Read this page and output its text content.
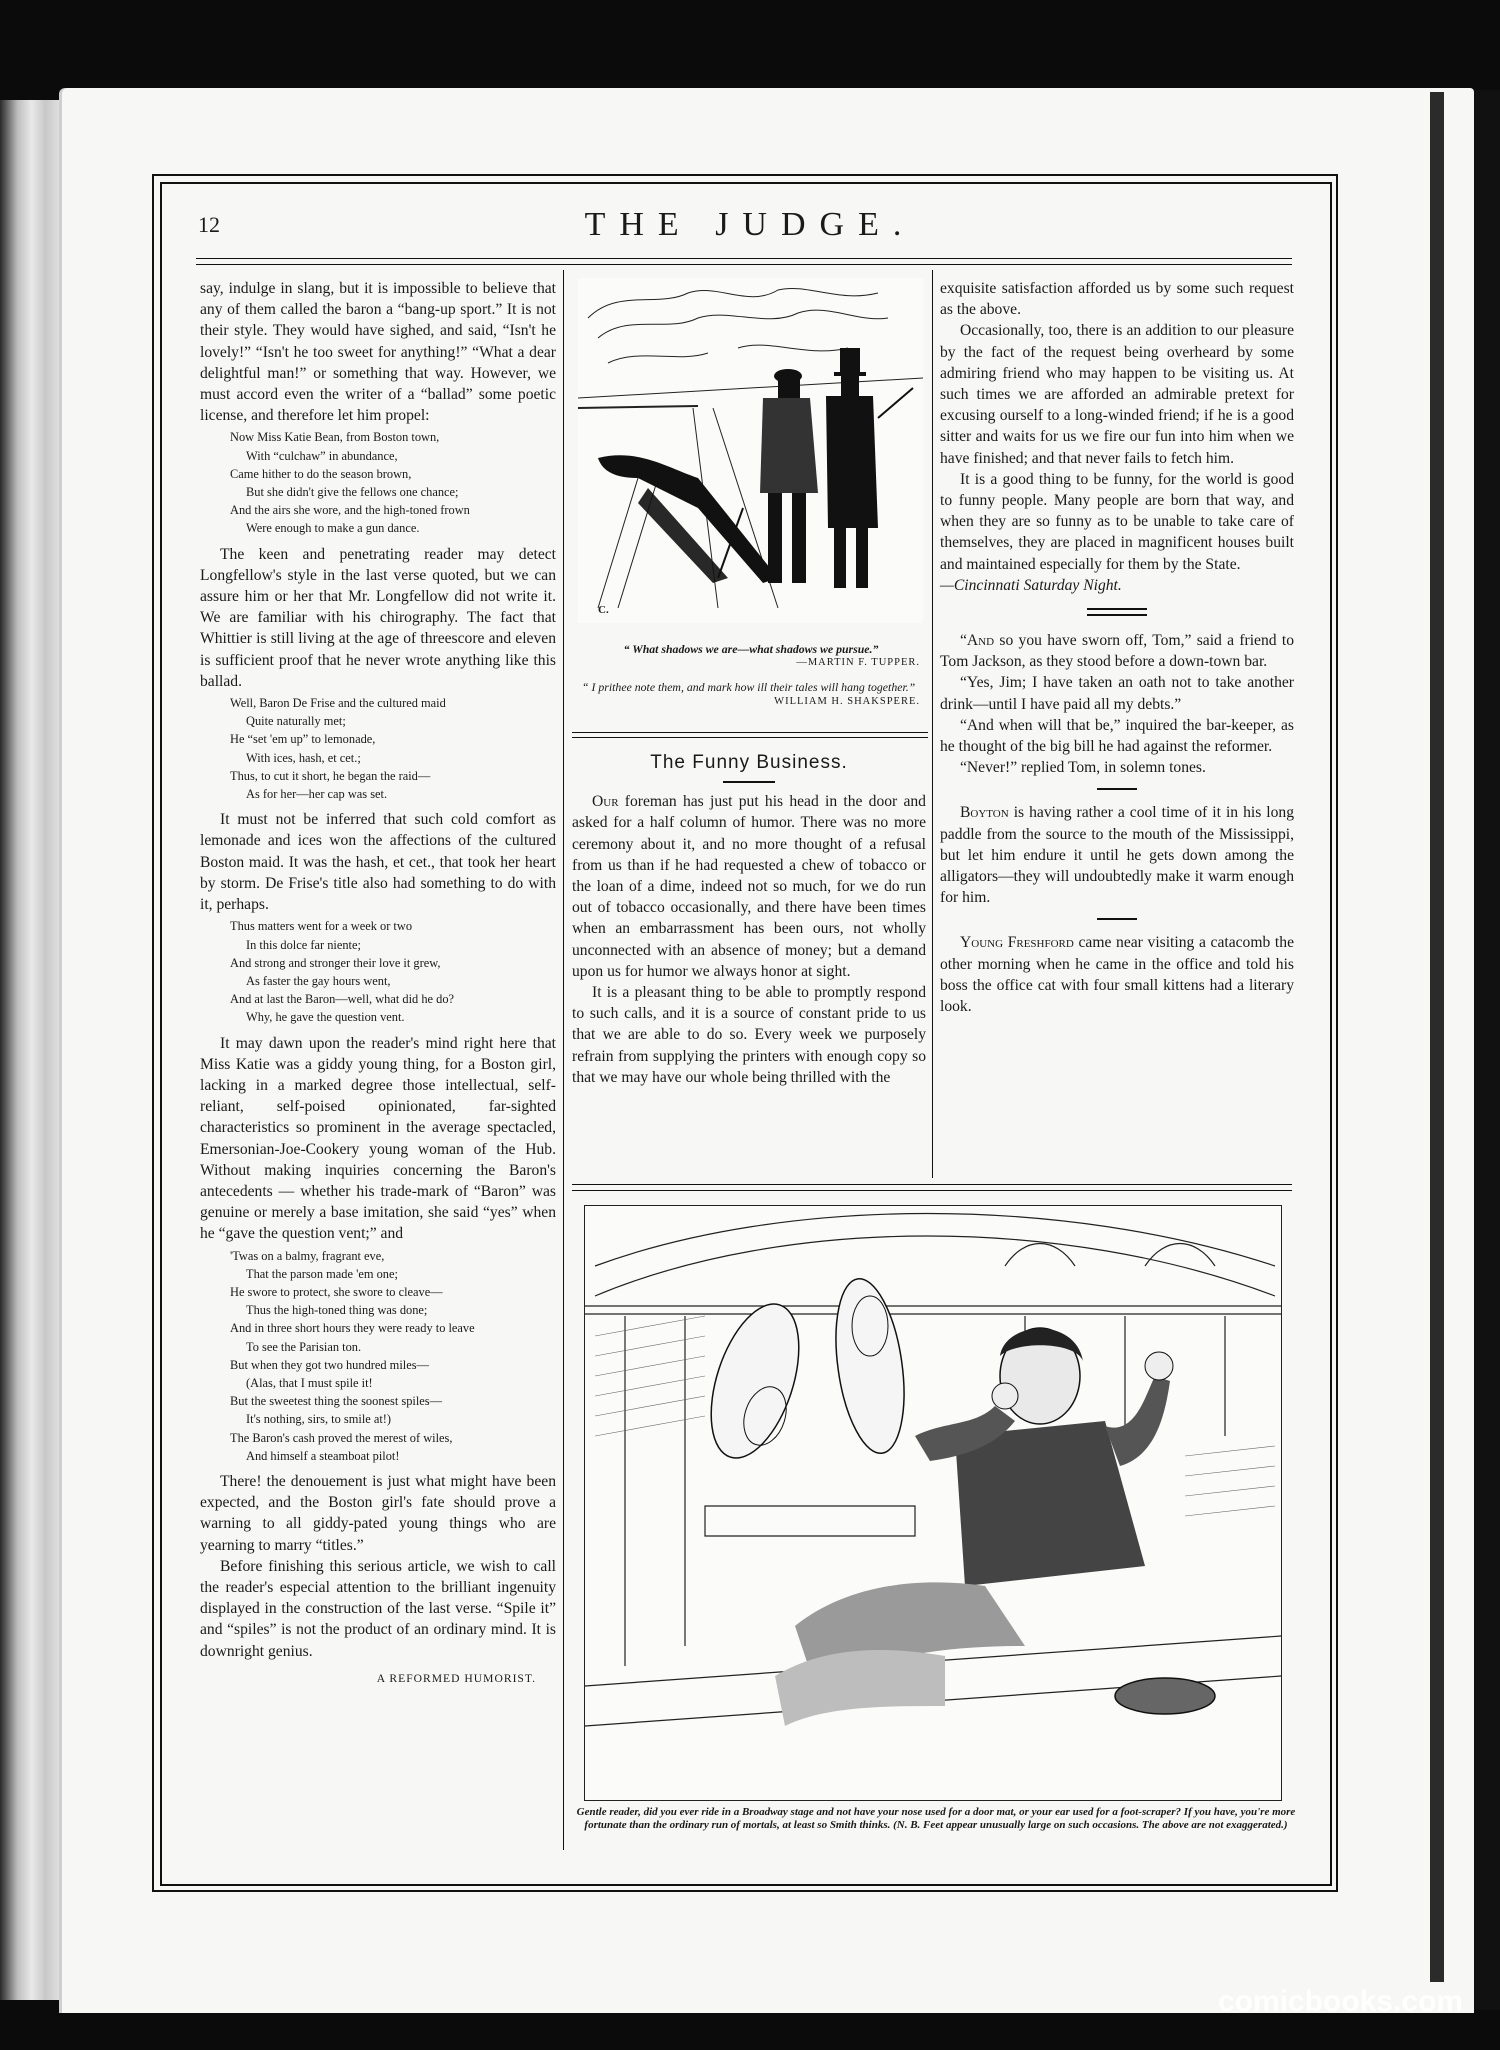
12	THE JUDGE.

say, indulge in slang, but it is impossible to believe that any of them called the baron a “bang-up sport.” It is not their style. They would have sighed, and said, “Isn't he lovely!” “Isn't he too sweet for anything!” “What a dear delightful man!” or something that way. However, we must accord even the writer of a “ballad” some poetic license, and therefore let him propel:

Now Miss Katie Bean, from Boston town,
With “culchaw” in abundance,
Came hither to do the season brown,
But she didn't give the fellows one chance;
And the airs she wore, and the high-toned frown
Were enough to make a gun dance.

The keen and penetrating reader may detect Longfellow's style in the last verse quoted, but we can assure him or her that Mr. Longfellow did not write it. We are familiar with his chirography. The fact that Whittier is still living at the age of threescore and eleven is sufficient proof that he never wrote anything like this ballad.

Well, Baron De Frise and the cultured maid
Quite naturally met;
He “set 'em up” to lemonade,
With ices, hash, et cet.;
Thus, to cut it short, he began the raid—
As for her—her cap was set.

It must not be inferred that such cold comfort as lemonade and ices won the affections of the cultured Boston maid. It was the hash, et cet., that took her heart by storm. De Frise's title also had something to do with it, perhaps.

Thus matters went for a week or two
In this dolce far niente;
And strong and stronger their love it grew,
As faster the gay hours went,
And at last the Baron—well, what did he do?
Why, he gave the question vent.

It may dawn upon the reader's mind right here that Miss Katie was a giddy young thing, for a Boston girl, lacking in a marked degree those intellectual, self-reliant, self-poised opinionated, far-sighted characteristics so prominent in the average spectacled, Emersonian-Joe-Cookery young woman of the Hub. Without making inquiries concerning the Baron's antecedents — whether his trade-mark of “Baron” was genuine or merely a base imitation, she said “yes” when he “gave the question vent;” and

'Twas on a balmy, fragrant eve,
That the parson made 'em one;
He swore to protect, she swore to cleave—
Thus the high-toned thing was done;
And in three short hours they were ready to leave
To see the Parisian ton.
But when they got two hundred miles—
(Alas, that I must spile it!
But the sweetest thing the soonest spiles—
It's nothing, sirs, to smile at!)
The Baron's cash proved the merest of wiles,
And himself a steamboat pilot!

There! the denouement is just what might have been expected, and the Boston girl's fate should prove a warning to all giddy-pated young things who are yearning to marry “titles.”

Before finishing this serious article, we wish to call the reader's especial attention to the brilliant ingenuity displayed in the construction of the last verse. “Spile it” and “spiles” is not the product of an ordinary mind. It is downright genius.

A REFORMED HUMORIST.
C.
“ What shadows we are—what shadows we pursue.”
—MARTIN F. TUPPER.
“ I prithee note them, and mark how ill their tales will hang together.”
WILLIAM H. SHAKSPERE.
The Funny Business.

Our foreman has just put his head in the door and asked for a half column of humor. There was no more ceremony about it, and no more thought of a refusal from us than if he had requested a chew of tobacco or the loan of a dime, indeed not so much, for we do run out of tobacco occasionally, and there have been times when an embarrassment has been ours, not wholly unconnected with an absence of money; but a demand upon us for humor we always honor at sight.

It is a pleasant thing to be able to promptly respond to such calls, and it is a source of constant pride to us that we are able to do so. Every week we purposely refrain from supplying the printers with enough copy so that we may have our whole being thrilled with the

exquisite satisfaction afforded us by some such request as the above.

Occasionally, too, there is an addition to our pleasure by the fact of the request being overheard by some admiring friend who may happen to be visiting us. At such times we are afforded an admirable pretext for excusing ourself to a long-winded friend; if he is a good sitter and waits for us we fire our fun into him when we have finished; and that never fails to fetch him.

It is a good thing to be funny, for the world is good to funny people. Many people are born that way, and when they are so funny as to be unable to take care of themselves, they are placed in magnificent houses built and maintained especially for them by the State.

—Cincinnati Saturday Night.

“And so you have sworn off, Tom,” said a friend to Tom Jackson, as they stood before a down-town bar.

“Yes, Jim; I have taken an oath not to take another drink—until I have paid all my debts.”

“And when will that be,” inquired the bar-keeper, as he thought of the big bill he had against the reformer.

“Never!” replied Tom, in solemn tones.

Boyton is having rather a cool time of it in his long paddle from the source to the mouth of the Mississippi, but let him endure it until he gets down among the alligators—they will undoubtedly make it warm enough for him.

Young Freshford came near visiting a catacomb the other morning when he came in the office and told his boss the office cat with four small kittens had a literary look.

Gentle reader, did you ever ride in a Broadway stage and not have your nose used for a door mat, or your ear used for a foot-scraper? If you have, you're more fortunate than the ordinary run of mortals, at least so Smith thinks. (N. B. Feet appear unusually large on such occasions. The above are not exaggerated.)
comicbooks.com
